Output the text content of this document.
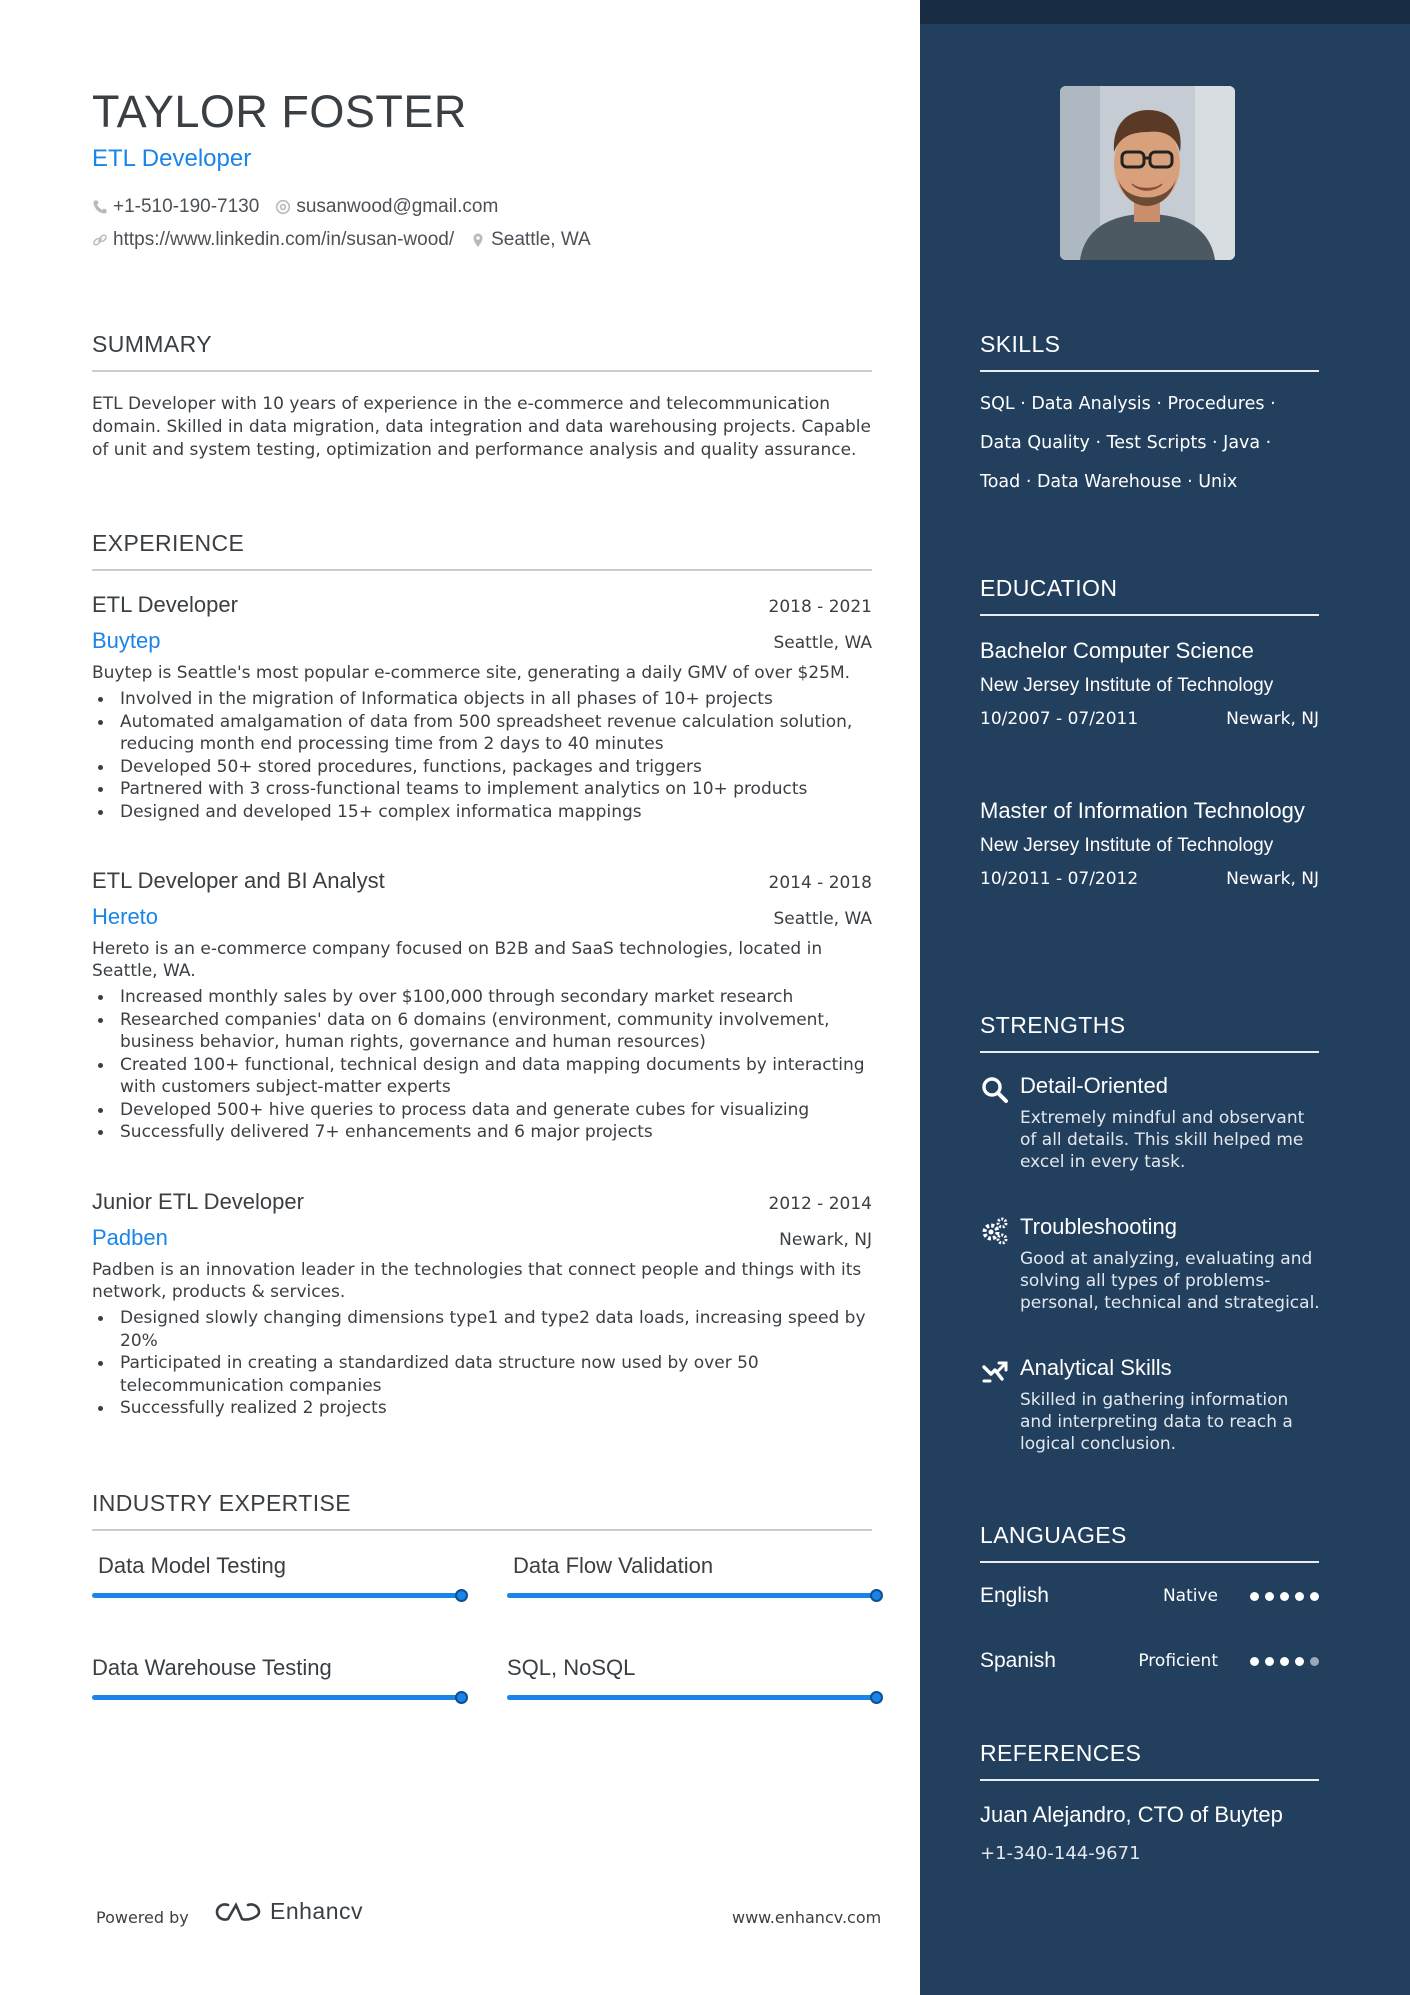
TAYLOR FOSTER
ETL Developer
+1-510-190-7130 susanwood@gmail.com
https://www.linkedin.com/in/susan-wood/ Seattle, WA
SUMMARY
ETL Developer with 10 years of experience in the e-commerce and telecommunication domain. Skilled in data migration, data integration and data warehousing projects. Capable of unit and system testing, optimization and performance analysis and quality assurance.
EXPERIENCE
ETL Developer	2018 - 2021
Buytep	Seattle, WA
Buytep is Seattle's most popular e-commerce site, generating a daily GMV of over $25M.
Involved in the migration of Informatica objects in all phases of 10+ projects
Automated amalgamation of data from 500 spreadsheet revenue calculation solution, reducing month end processing time from 2 days to 40 minutes
Developed 50+ stored procedures, functions, packages and triggers
Partnered with 3 cross-functional teams to implement analytics on 10+ products
Designed and developed 15+ complex informatica mappings
ETL Developer and BI Analyst	2014 - 2018
Hereto	Seattle, WA
Hereto is an e-commerce company focused on B2B and SaaS technologies, located in Seattle, WA.
Increased monthly sales by over $100,000 through secondary market research
Researched companies' data on 6 domains (environment, community involvement, business behavior, human rights, governance and human resources)
Created 100+ functional, technical design and data mapping documents by interacting with customers subject-matter experts
Developed 500+ hive queries to process data and generate cubes for visualizing
Successfully delivered 7+ enhancements and 6 major projects
Junior ETL Developer	2012 - 2014
Padben	Newark, NJ
Padben is an innovation leader in the technologies that connect people and things with its network, products & services.
Designed slowly changing dimensions type1 and type2 data loads, increasing speed by 20%
Participated in creating a standardized data structure now used by over 50 telecommunication companies
Successfully realized 2 projects
INDUSTRY EXPERTISE
Data Model Testing	Data Flow Validation
Data Warehouse Testing	SQL, NoSQL
Powered by	Enhancv	www.enhancv.com
SKILLS
SQL · Data Analysis · Procedures ·
Data Quality · Test Scripts · Java ·
Toad · Data Warehouse · Unix
EDUCATION
Bachelor Computer Science
New Jersey Institute of Technology
10/2007 - 07/2011	Newark, NJ
Master of Information Technology
New Jersey Institute of Technology
10/2011 - 07/2012	Newark, NJ
STRENGTHS
Detail-Oriented
Extremely mindful and observant of all details. This skill helped me excel in every task.
Troubleshooting
Good at analyzing, evaluating and solving all types of problems- personal, technical and strategical.
Analytical Skills
Skilled in gathering information and interpreting data to reach a logical conclusion.
LANGUAGES
English	Native
Spanish	Proficient
REFERENCES
Juan Alejandro, CTO of Buytep
+1-340-144-9671
